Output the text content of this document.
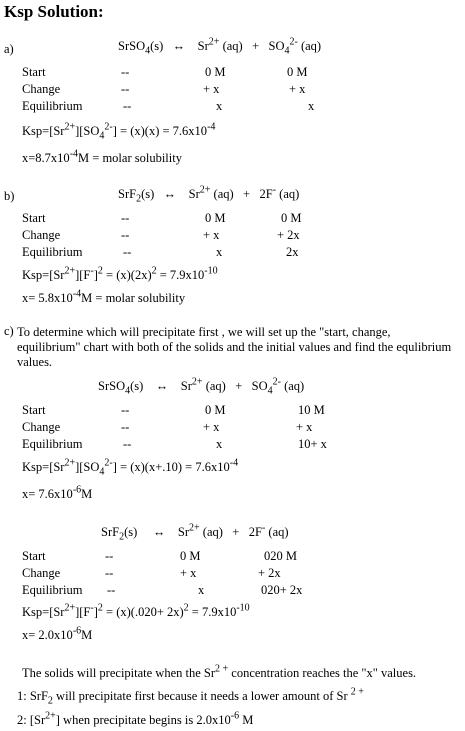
Ksp Solution:
a)	SrSO$_4$(s) ↔ $Sr^{2+}$ $(aq) + SO_4^{2-}$ (aq)
Start	--	0 M	0 M
Change	--	+ x	+ x
Equilibrium	--	x	x
$Ksp=[Sr^{2+}][SO_4^{2-}] = (x)(x) = 7.6x10^{-4}$
$x=8.7x10^{-4}M$ = molar solubility
b)	SrF$_2$(s) ↔ $Sr^{2+}$ (aq) + 2F- (aq)
Start	--	0 M	0 M
Change	--	+ x	+ 2x
Equilibrium	--	x	2x
$Ksp=[Sr^{2+}][F^-]^2 = (x)(2x)^2 = 7.9x10^{-10}$
$x= 5.8x10^{-4}M$ = molar solubility
c) To determine which will precipitate first , we will set up the "start, change, equilibrium" chart with both of the solids and the initial values and find the equlibrium values.
SrSO$_4$(s) ↔ $Sr^{2+}$ $(aq) + SO_4^{2-}$ (aq)
Start	--	0 M	10 M
Change	--	+ x	+ x
Equilibrium	--	x	10+ x
$Ksp=[Sr^{2+}][SO_4^{2-}] = (x)(x+.10) = 7.6x10^{-4}$
$x= 7.6x10^{-6}M$
SrF$_2$(s) ↔ $Sr^{2+}$ (aq) + 2F- (aq)
Start	--	0 M	020 M
Change	--	+ x	+ 2x
Equilibrium --	x	020+ 2x
$Ksp=[Sr^{2+}][F^-]^2 = (x)(.020+ 2x)^2 = 7.9x10^{-10}$
$x= 2.0x10^{-6}M$
The solids will precipitate when the $Sr^{2 +}$ concentration reaches the "x" values.
1: SrF$_2$ will precipitate first because it needs a lower amount of Sr $^{2 +}$
2: $[Sr^{2+}]$ when precipitate begins is $2.0x10^{-6}$ M
